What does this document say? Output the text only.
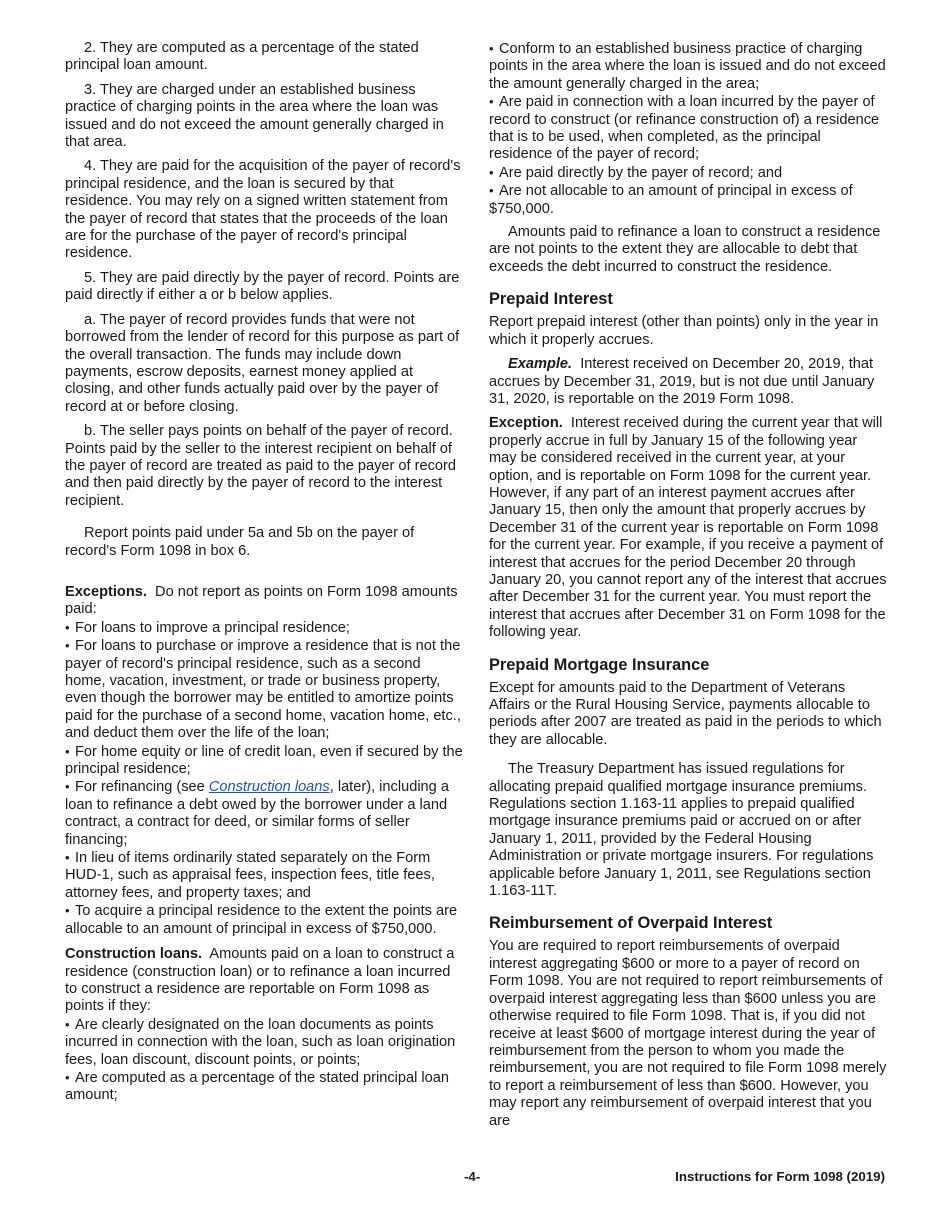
2. They are computed as a percentage of the stated principal loan amount.

3. They are charged under an established business practice of charging points in the area where the loan was issued and do not exceed the amount generally charged in that area.

4. They are paid for the acquisition of the payer of record's principal residence, and the loan is secured by that residence. You may rely on a signed written statement from the payer of record that states that the proceeds of the loan are for the purchase of the payer of record's principal residence.

5. They are paid directly by the payer of record. Points are paid directly if either a or b below applies.

a. The payer of record provides funds that were not borrowed from the lender of record for this purpose as part of the overall transaction. The funds may include down payments, escrow deposits, earnest money applied at closing, and other funds actually paid over by the payer of record at or before closing.

b. The seller pays points on behalf of the payer of record. Points paid by the seller to the interest recipient on behalf of the payer of record are treated as paid to the payer of record and then paid directly by the payer of record to the interest recipient.

Report points paid under 5a and 5b on the payer of record's Form 1098 in box 6.

Exceptions. Do not report as points on Form 1098 amounts paid:

• For loans to improve a principal residence;

• For loans to purchase or improve a residence that is not the payer of record's principal residence, such as a second home, vacation, investment, or trade or business property, even though the borrower may be entitled to amortize points paid for the purchase of a second home, vacation home, etc., and deduct them over the life of the loan;

• For home equity or line of credit loan, even if secured by the principal residence;

• For refinancing (see Construction loans, later), including a loan to refinance a debt owed by the borrower under a land contract, a contract for deed, or similar forms of seller financing;

• In lieu of items ordinarily stated separately on the Form HUD-1, such as appraisal fees, inspection fees, title fees, attorney fees, and property taxes; and

• To acquire a principal residence to the extent the points are allocable to an amount of principal in excess of $750,000.

Construction loans. Amounts paid on a loan to construct a residence (construction loan) or to refinance a loan incurred to construct a residence are reportable on Form 1098 as points if they:

• Are clearly designated on the loan documents as points incurred in connection with the loan, such as loan origination fees, loan discount, discount points, or points;

• Are computed as a percentage of the stated principal loan amount;

• Conform to an established business practice of charging points in the area where the loan is issued and do not exceed the amount generally charged in the area;

• Are paid in connection with a loan incurred by the payer of record to construct (or refinance construction of) a residence that is to be used, when completed, as the principal residence of the payer of record;

• Are paid directly by the payer of record; and

• Are not allocable to an amount of principal in excess of $750,000.

Amounts paid to refinance a loan to construct a residence are not points to the extent they are allocable to debt that exceeds the debt incurred to construct the residence.

Prepaid Interest

Report prepaid interest (other than points) only in the year in which it properly accrues.

Example. Interest received on December 20, 2019, that accrues by December 31, 2019, but is not due until January 31, 2020, is reportable on the 2019 Form 1098.

Exception. Interest received during the current year that will properly accrue in full by January 15 of the following year may be considered received in the current year, at your option, and is reportable on Form 1098 for the current year. However, if any part of an interest payment accrues after January 15, then only the amount that properly accrues by December 31 of the current year is reportable on Form 1098 for the current year. For example, if you receive a payment of interest that accrues for the period December 20 through January 20, you cannot report any of the interest that accrues after December 31 for the current year. You must report the interest that accrues after December 31 on Form 1098 for the following year.

Prepaid Mortgage Insurance

Except for amounts paid to the Department of Veterans Affairs or the Rural Housing Service, payments allocable to periods after 2007 are treated as paid in the periods to which they are allocable.

The Treasury Department has issued regulations for allocating prepaid qualified mortgage insurance premiums. Regulations section 1.163-11 applies to prepaid qualified mortgage insurance premiums paid or accrued on or after January 1, 2011, provided by the Federal Housing Administration or private mortgage insurers. For regulations applicable before January 1, 2011, see Regulations section 1.163-11T.

Reimbursement of Overpaid Interest

You are required to report reimbursements of overpaid interest aggregating $600 or more to a payer of record on Form 1098. You are not required to report reimbursements of overpaid interest aggregating less than $600 unless you are otherwise required to file Form 1098. That is, if you did not receive at least $600 of mortgage interest during the year of reimbursement from the person to whom you made the reimbursement, you are not required to file Form 1098 merely to report a reimbursement of less than $600. However, you may report any reimbursement of overpaid interest that you are

-4-	Instructions for Form 1098 (2019)
